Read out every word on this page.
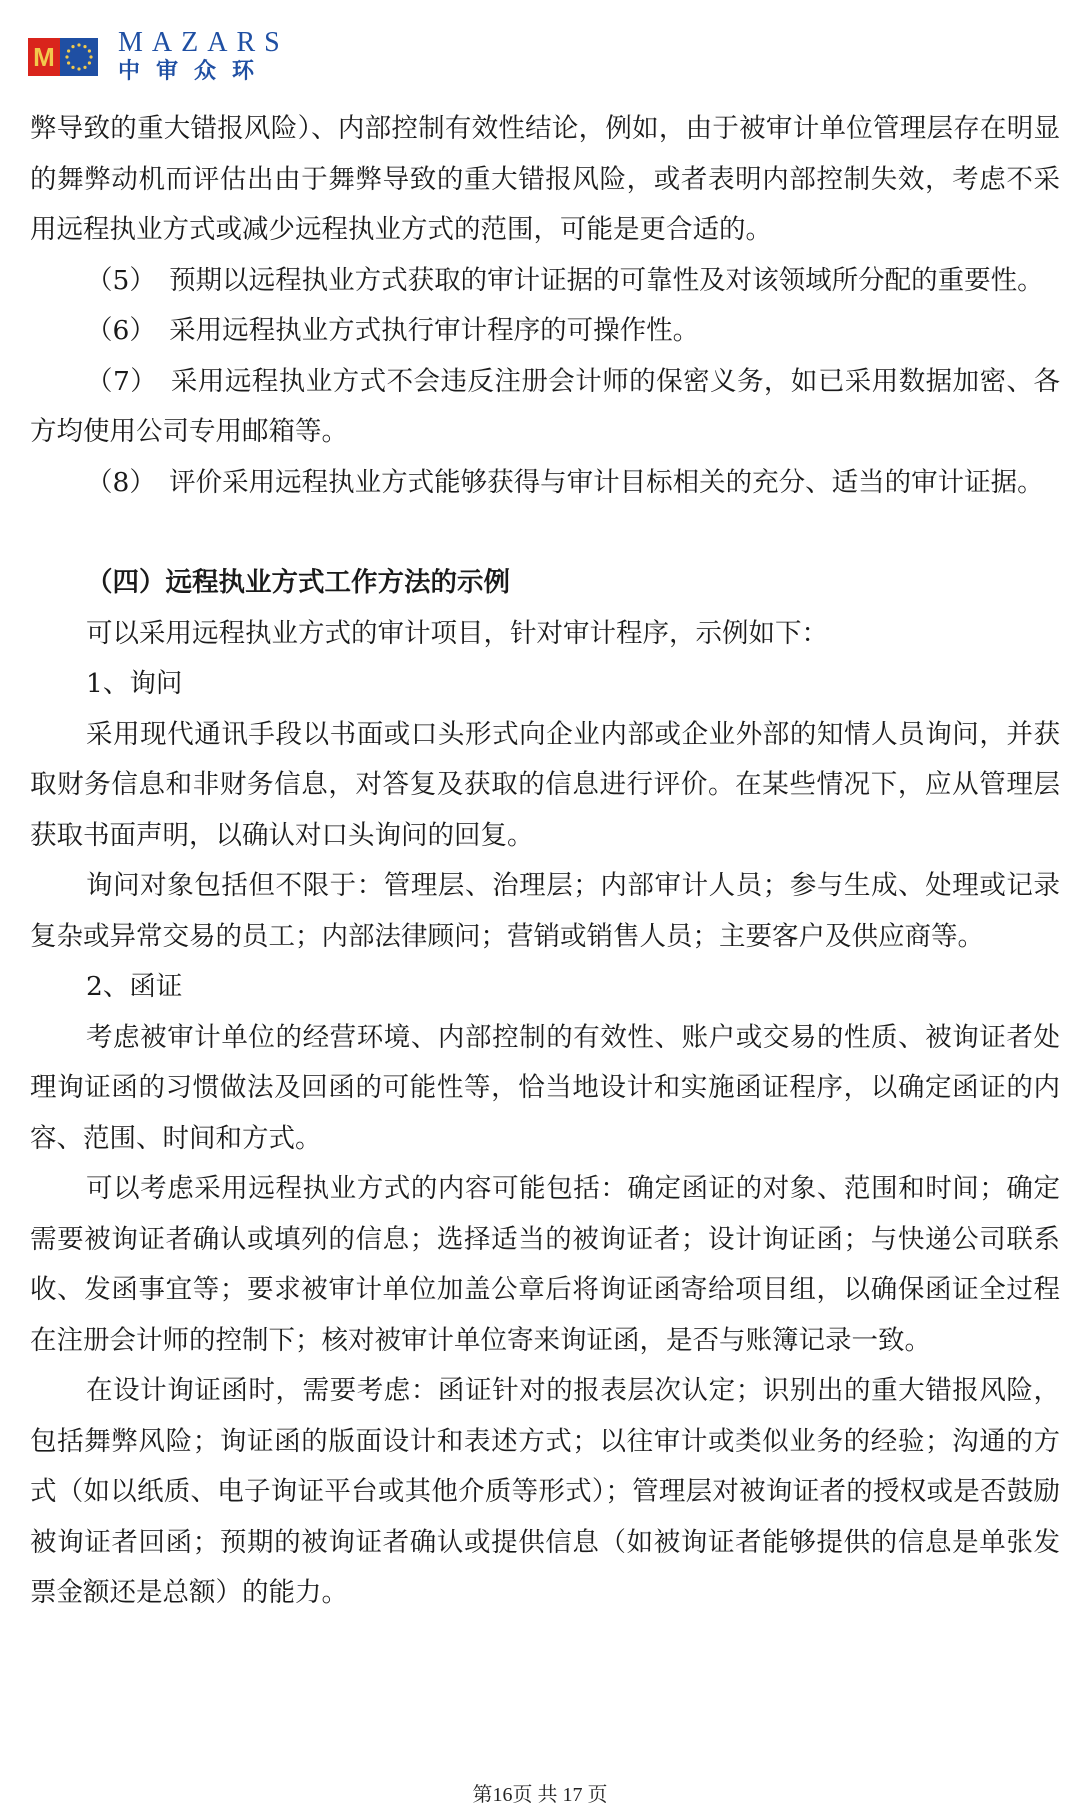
M MAZARS
中审众环

弊导致的重大错报风险）、内部控制有效性结论，例如，由于被审计单位管理层存在明显的舞弊动机而评估出由于舞弊导致的重大错报风险，或者表明内部控制失效，考虑不采用远程执业方式或减少远程执业方式的范围，可能是更合适的。

（5）　预期以远程执业方式获取的审计证据的可靠性及对该领域所分配的重要性。

（6）　采用远程执业方式执行审计程序的可操作性。

（7）　采用远程执业方式不会违反注册会计师的保密义务，如已采用数据加密、各方均使用公司专用邮箱等。

（8）　评价采用远程执业方式能够获得与审计目标相关的充分、适当的审计证据。

（四）远程执业方式工作方法的示例

可以采用远程执业方式的审计项目，针对审计程序，示例如下：

1、询问

采用现代通讯手段以书面或口头形式向企业内部或企业外部的知情人员询问，并获取财务信息和非财务信息，对答复及获取的信息进行评价。在某些情况下，应从管理层获取书面声明，以确认对口头询问的回复。

询问对象包括但不限于：管理层、治理层；内部审计人员；参与生成、处理或记录复杂或异常交易的员工；内部法律顾问；营销或销售人员；主要客户及供应商等。

2、函证

考虑被审计单位的经营环境、内部控制的有效性、账户或交易的性质、被询证者处理询证函的习惯做法及回函的可能性等，恰当地设计和实施函证程序，以确定函证的内容、范围、时间和方式。

可以考虑采用远程执业方式的内容可能包括：确定函证的对象、范围和时间；确定需要被询证者确认或填列的信息；选择适当的被询证者；设计询证函；与快递公司联系收、发函事宜等；要求被审计单位加盖公章后将询证函寄给项目组，以确保函证全过程在注册会计师的控制下；核对被审计单位寄来询证函，是否与账簿记录一致。

在设计询证函时，需要考虑：函证针对的报表层次认定；识别出的重大错报风险，包括舞弊风险；询证函的版面设计和表述方式；以往审计或类似业务的经验；沟通的方式（如以纸质、电子询证平台或其他介质等形式）；管理层对被询证者的授权或是否鼓励被询证者回函；预期的被询证者确认或提供信息（如被询证者能够提供的信息是单张发票金额还是总额）的能力。

第16页 共 17 页
